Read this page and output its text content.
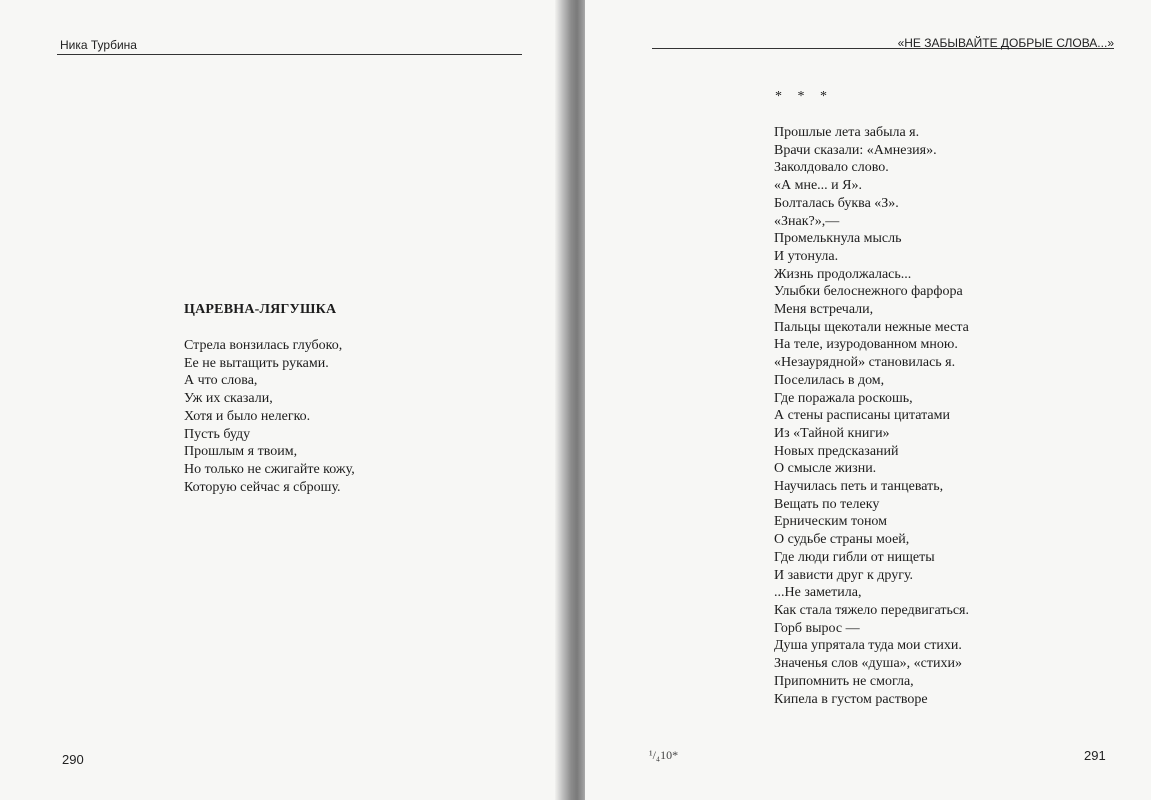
Ника Турбина
ЦАРЕВНА-ЛЯГУШКА
Стрела вонзилась глубоко,
Ее не вытащить руками.
А что слова,
Уж их сказали,
Хотя и было нелегко.
Пусть буду
Прошлым я твоим,
Но только не сжигайте кожу,
Которую сейчас я сброшу.
290
«НЕ ЗАБЫВАЙТЕ ДОБРЫЕ СЛОВА...»
* * *
Прошлые лета забыла я.
Врачи сказали: «Амнезия».
Заколдовало слово.
«А мне... и Я».
Болталась буква «З».
«Знак?»,—
Промелькнула мысль
И утонула.
Жизнь продолжалась...
Улыбки белоснежного фарфора
Меня встречали,
Пальцы щекотали нежные места
На теле, изуродованном мною.
«Незаурядной» становилась я.
Поселилась в дом,
Где поражала роскошь,
А стены расписаны цитатами
Из «Тайной книги»
Новых предсказаний
О смысле жизни.
Научилась петь и танцевать,
Вещать по телеку
Ерническим тоном
О судьбе страны моей,
Где люди гибли от нищеты
И зависти друг к другу.
...Не заметила,
Как стала тяжело передвигаться.
Горб вырос —
Душа упрятала туда мои стихи.
Значенья слов «душа», «стихи»
Припомнить не смогла,
Кипела в густом растворе
¹/₄10*	291
